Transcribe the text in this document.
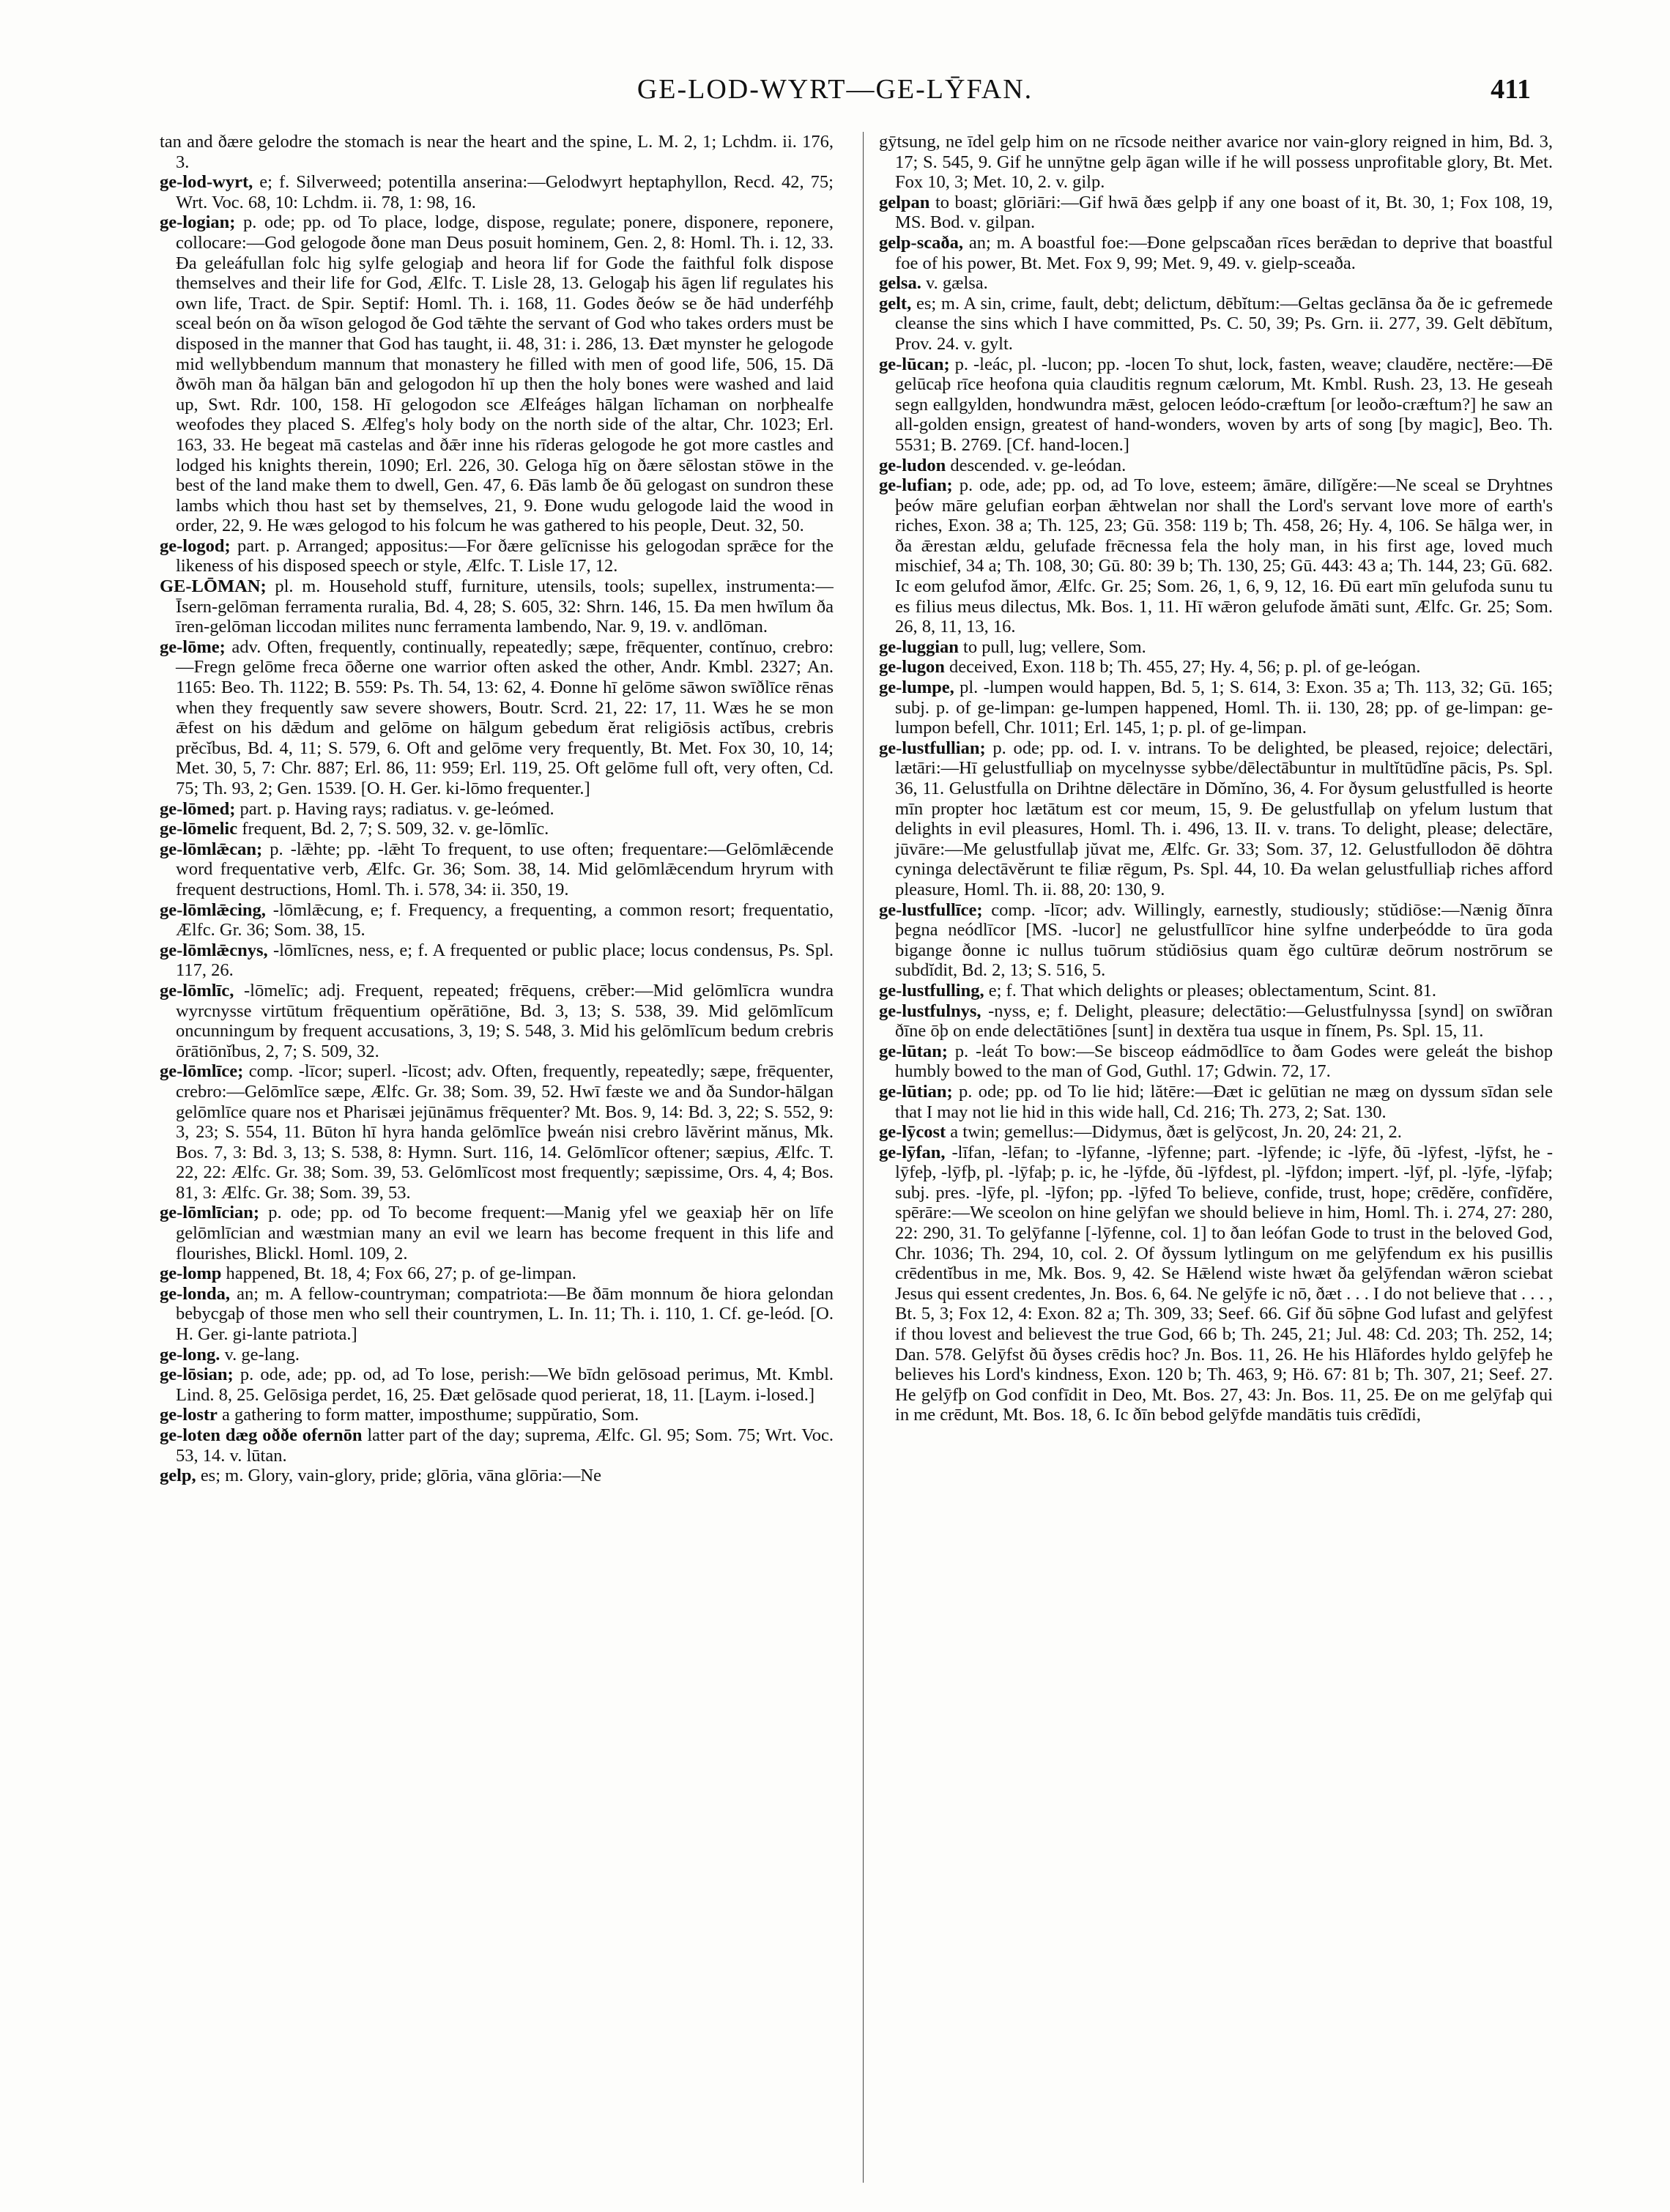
GE-LOD-WYRT—GE-LȲFAN.	411

tan and ðære gelodre the stomach is near the heart and the spine, L. M. 2, 1; Lchdm. ii. 176, 3.

ge-lod-wyrt, e; f. Silverweed; potentilla anserina:—Gelodwyrt heptaphyllon, Recd. 42, 75; Wrt. Voc. 68, 10: Lchdm. ii. 78, 1: 98, 16.

ge-logian; p. ode; pp. od To place, lodge, dispose, regulate; ponere, disponere, reponere, collocare:—God gelogode ðone man Deus posuit hominem, Gen. 2, 8: Homl. Th. i. 12, 33. Ða geleáfullan folc hig sylfe gelogiaþ and heora lif for Gode the faithful folk dispose themselves and their life for God, Ælfc. T. Lisle 28, 13. Gelogaþ his āgen lif regulates his own life, Tract. de Spir. Septif: Homl. Th. i. 168, 11. Godes ðeów se ðe hād underféhþ sceal beón on ða wīson gelogod ðe God tǣhte the servant of God who takes orders must be disposed in the manner that God has taught, ii. 48, 31: i. 286, 13. Ðæt mynster he gelogode mid wellybbendum mannum that monastery he filled with men of good life, 506, 15. Dā ðwōh man ða hālgan bān and gelogodon hī up then the holy bones were washed and laid up, Swt. Rdr. 100, 158. Hī gelogodon sce Ælfeáges hālgan līchaman on norþhealfe weofodes they placed S. Ælfeg's holy body on the north side of the altar, Chr. 1023; Erl. 163, 33. He begeat mā castelas and ðǣr inne his rīderas gelogode he got more castles and lodged his knights therein, 1090; Erl. 226, 30. Geloga hīg on ðære sēlostan stōwe in the best of the land make them to dwell, Gen. 47, 6. Ðās lamb ðe ðū gelogast on sundron these lambs which thou hast set by themselves, 21, 9. Ðone wudu gelogode laid the wood in order, 22, 9. He wæs gelogod to his folcum he was gathered to his people, Deut. 32, 50.

ge-logod; part. p. Arranged; appositus:—For ðære gelīcnisse his gelogodan sprǣce for the likeness of his disposed speech or style, Ælfc. T. Lisle 17, 12.

GE-LŌMAN; pl. m. Household stuff, furniture, utensils, tools; supellex, instrumenta:—Īsern-gelōman ferramenta ruralia, Bd. 4, 28; S. 605, 32: Shrn. 146, 15. Ða men hwīlum ða īren-gelōman liccodan milites nunc ferramenta lambendo, Nar. 9, 19. v. andlōman.

ge-lōme; adv. Often, frequently, continually, repeatedly; sæpe, frēquenter, contĭnuo, crebro:—Fregn gelōme freca ōðerne one warrior often asked the other, Andr. Kmbl. 2327; An. 1165: Beo. Th. 1122; B. 559: Ps. Th. 54, 13: 62, 4. Ðonne hī gelōme sāwon swīðlīce rēnas when they frequently saw severe showers, Boutr. Scrd. 21, 22: 17, 11. Wæs he se mon ǣfest on his dǣdum and gelōme on hālgum gebedum ĕrat religiōsis actĭbus, crebris prĕcĭbus, Bd. 4, 11; S. 579, 6. Oft and gelōme very frequently, Bt. Met. Fox 30, 10, 14; Met. 30, 5, 7: Chr. 887; Erl. 86, 11: 959; Erl. 119, 25. Oft gelōme full oft, very often, Cd. 75; Th. 93, 2; Gen. 1539. [O. H. Ger. ki-lōmo frequenter.]

ge-lōmed; part. p. Having rays; radiatus. v. ge-leómed.

ge-lōmelic frequent, Bd. 2, 7; S. 509, 32. v. ge-lōmlīc.

ge-lōmlǣcan; p. -lǣhte; pp. -lǣht To frequent, to use often; frequentare:—Gelōmlǣcende word frequentative verb, Ælfc. Gr. 36; Som. 38, 14. Mid gelōmlǣcendum hryrum with frequent destructions, Homl. Th. i. 578, 34: ii. 350, 19.

ge-lōmlǣcing, -lōmlǣcung, e; f. Frequency, a frequenting, a common resort; frequentatio, Ælfc. Gr. 36; Som. 38, 15.

ge-lōmlǣcnys, -lōmlīcnes, ness, e; f. A frequented or public place; locus condensus, Ps. Spl. 117, 26.

ge-lōmlīc, -lōmelīc; adj. Frequent, repeated; frēquens, crēber:—Mid gelōmlīcra wundra wyrcnysse virtūtum frēquentium opĕrātiōne, Bd. 3, 13; S. 538, 39. Mid gelōmlīcum oncunningum by frequent accusations, 3, 19; S. 548, 3. Mid his gelōmlīcum bedum crebris ōrātiōnĭbus, 2, 7; S. 509, 32.

ge-lōmlīce; comp. -līcor; superl. -līcost; adv. Often, frequently, repeatedly; sæpe, frēquenter, crebro:—Gelōmlīce sæpe, Ælfc. Gr. 38; Som. 39, 52. Hwī fæste we and ða Sundor-hālgan gelōmlīce quare nos et Pharisæi jejūnāmus frēquenter? Mt. Bos. 9, 14: Bd. 3, 22; S. 552, 9: 3, 23; S. 554, 11. Būton hī hyra handa gelōmlīce þweán nisi crebro lāvĕrint mănus, Mk. Bos. 7, 3: Bd. 3, 13; S. 538, 8: Hymn. Surt. 116, 14. Gelōmlīcor oftener; sæpius, Ælfc. T. 22, 22: Ælfc. Gr. 38; Som. 39, 53. Gelōmlīcost most frequently; sæpissime, Ors. 4, 4; Bos. 81, 3: Ælfc. Gr. 38; Som. 39, 53.

ge-lōmlīcian; p. ode; pp. od To become frequent:—Manig yfel we geaxiaþ hēr on līfe gelōmlīcian and wæstmian many an evil we learn has become frequent in this life and flourishes, Blickl. Homl. 109, 2.

ge-lomp happened, Bt. 18, 4; Fox 66, 27; p. of ge-limpan.

ge-londa, an; m. A fellow-countryman; compatriota:—Be ðām monnum ðe hiora gelondan bebycgaþ of those men who sell their countrymen, L. In. 11; Th. i. 110, 1. Cf. ge-leód. [O. H. Ger. gi-lante patriota.]

ge-long. v. ge-lang.

ge-lōsian; p. ode, ade; pp. od, ad To lose, perish:—We bīdn gelōsoad perimus, Mt. Kmbl. Lind. 8, 25. Gelōsiga perdet, 16, 25. Ðæt gelōsade quod perierat, 18, 11. [Laym. i-losed.]

ge-lostr a gathering to form matter, imposthume; suppŭratio, Som.

ge-loten dæg oððe ofernōn latter part of the day; suprema, Ælfc. Gl. 95; Som. 75; Wrt. Voc. 53, 14. v. lūtan.

gelp, es; m. Glory, vain-glory, pride; glōria, vāna glōria:—Ne

gȳtsung, ne īdel gelp him on ne rīcsode neither avarice nor vain-glory reigned in him, Bd. 3, 17; S. 545, 9. Gif he unnȳtne gelp āgan wille if he will possess unprofitable glory, Bt. Met. Fox 10, 3; Met. 10, 2. v. gilp.

gelpan to boast; glōriāri:—Gif hwā ðæs gelpþ if any one boast of it, Bt. 30, 1; Fox 108, 19, MS. Bod. v. gilpan.

gelp-scaða, an; m. A boastful foe:—Ðone gelpscaðan rīces berǣdan to deprive that boastful foe of his power, Bt. Met. Fox 9, 99; Met. 9, 49. v. gielp-sceaða.

gelsa. v. gælsa.

gelt, es; m. A sin, crime, fault, debt; delictum, dēbĭtum:—Geltas geclānsa ða ðe ic gefremede cleanse the sins which I have committed, Ps. C. 50, 39; Ps. Grn. ii. 277, 39. Gelt dēbĭtum, Prov. 24. v. gylt.

ge-lūcan; p. -leác, pl. -lucon; pp. -locen To shut, lock, fasten, weave; claudĕre, nectĕre:—Ðē gelūcaþ rīce heofona quia clauditis regnum cælorum, Mt. Kmbl. Rush. 23, 13. He geseah segn eallgylden, hondwundra mǣst, gelocen leódo-cræftum [or leoðo-cræftum?] he saw an all-golden ensign, greatest of hand-wonders, woven by arts of song [by magic], Beo. Th. 5531; B. 2769. [Cf. hand-locen.]

ge-ludon descended. v. ge-leódan.

ge-lufian; p. ode, ade; pp. od, ad To love, esteem; āmāre, dilĭgĕre:—Ne sceal se Dryhtnes þeów māre gelufian eorþan ǣhtwelan nor shall the Lord's servant love more of earth's riches, Exon. 38 a; Th. 125, 23; Gū. 358: 119 b; Th. 458, 26; Hy. 4, 106. Se hālga wer, in ða ǣrestan ældu, gelufade frēcnessa fela the holy man, in his first age, loved much mischief, 34 a; Th. 108, 30; Gū. 80: 39 b; Th. 130, 25; Gū. 443: 43 a; Th. 144, 23; Gū. 682. Ic eom gelufod ămor, Ælfc. Gr. 25; Som. 26, 1, 6, 9, 12, 16. Ðū eart mīn gelufoda sunu tu es filius meus dilectus, Mk. Bos. 1, 11. Hī wǣron gelufode ămāti sunt, Ælfc. Gr. 25; Som. 26, 8, 11, 13, 16.

ge-luggian to pull, lug; vellere, Som.

ge-lugon deceived, Exon. 118 b; Th. 455, 27; Hy. 4, 56; p. pl. of ge-leógan.

ge-lumpe, pl. -lumpen would happen, Bd. 5, 1; S. 614, 3: Exon. 35 a; Th. 113, 32; Gū. 165; subj. p. of ge-limpan: ge-lumpen happened, Homl. Th. ii. 130, 28; pp. of ge-limpan: ge-lumpon befell, Chr. 1011; Erl. 145, 1; p. pl. of ge-limpan.

ge-lustfullian; p. ode; pp. od. I. v. intrans. To be delighted, be pleased, rejoice; delectāri, lætāri:—Hī gelustfulliaþ on mycelnysse sybbe/dēlectābuntur in multĭtūdĭne pācis, Ps. Spl. 36, 11. Gelustfulla on Drihtne dēlectāre in Dŏmĭno, 36, 4. For ðysum gelustfulled is heorte mīn propter hoc lætātum est cor meum, 15, 9. Ðe gelustfullaþ on yfelum lustum that delights in evil pleasures, Homl. Th. i. 496, 13. II. v. trans. To delight, please; delectāre, jūvāre:—Me gelustfullaþ jŭvat me, Ælfc. Gr. 33; Som. 37, 12. Gelustfullodon ðē dōhtra cyninga delectāvĕrunt te filiæ rēgum, Ps. Spl. 44, 10. Ða welan gelustfulliaþ riches afford pleasure, Homl. Th. ii. 88, 20: 130, 9.

ge-lustfullīce; comp. -līcor; adv. Willingly, earnestly, studiously; stŭdiōse:—Nænig ðīnra þegna neódlīcor [MS. -lucor] ne gelustfullīcor hine sylfne underþeódde to ūra goda bigange ðonne ic nullus tuōrum stŭdiōsius quam ĕgo cultūræ deōrum nostrōrum se subdĭdit, Bd. 2, 13; S. 516, 5.

ge-lustfulling, e; f. That which delights or pleases; oblectamentum, Scint. 81.

ge-lustfulnys, -nyss, e; f. Delight, pleasure; delectātio:—Gelustfulnyssa [synd] on swīðran ðīne ōþ on ende delectātiōnes [sunt] in dextĕra tua usque in fĭnem, Ps. Spl. 15, 11.

ge-lūtan; p. -leát To bow:—Se bisceop eádmōdlīce to ðam Godes were geleát the bishop humbly bowed to the man of God, Guthl. 17; Gdwin. 72, 17.

ge-lūtian; p. ode; pp. od To lie hid; lătēre:—Ðæt ic gelūtian ne mæg on dyssum sīdan sele that I may not lie hid in this wide hall, Cd. 216; Th. 273, 2; Sat. 130.

ge-lȳcost a twin; gemellus:—Didymus, ðæt is gelȳcost, Jn. 20, 24: 21, 2.

ge-lȳfan, -līfan, -lēfan; to -lȳfanne, -lȳfenne; part. -lȳfende; ic -lȳfe, ðū -lȳfest, -lȳfst, he -lȳfeþ, -lȳfþ, pl. -lȳfaþ; p. ic, he -lȳfde, ðū -lȳfdest, pl. -lȳfdon; impert. -lȳf, pl. -lȳfe, -lȳfaþ; subj. pres. -lȳfe, pl. -lȳfon; pp. -lȳfed To believe, confide, trust, hope; crēdĕre, confīdĕre, spērāre:—We sceolon on hine gelȳfan we should believe in him, Homl. Th. i. 274, 27: 280, 22: 290, 31. To gelȳfanne [-lȳfenne, col. 1] to ðan leófan Gode to trust in the beloved God, Chr. 1036; Th. 294, 10, col. 2. Of ðyssum lytlingum on me gelȳfendum ex his pusillis crēdentĭbus in me, Mk. Bos. 9, 42. Se Hǣlend wiste hwæt ða gelȳfendan wǣron sciebat Jesus qui essent credentes, Jn. Bos. 6, 64. Ne gelȳfe ic nō, ðæt . . . I do not believe that . . . , Bt. 5, 3; Fox 12, 4: Exon. 82 a; Th. 309, 33; Seef. 66. Gif ðū sōþne God lufast and gelȳfest if thou lovest and believest the true God, 66 b; Th. 245, 21; Jul. 48: Cd. 203; Th. 252, 14; Dan. 578. Gelȳfst ðū ðyses crēdis hoc? Jn. Bos. 11, 26. He his Hlāfordes hyldo gelȳfeþ he believes his Lord's kindness, Exon. 120 b; Th. 463, 9; Hö. 67: 81 b; Th. 307, 21; Seef. 27. He gelȳfþ on God confīdit in Deo, Mt. Bos. 27, 43: Jn. Bos. 11, 25. Ðe on me gelȳfaþ qui in me crēdunt, Mt. Bos. 18, 6. Ic ðīn bebod gelȳfde mandātis tuis crēdĭdi,
